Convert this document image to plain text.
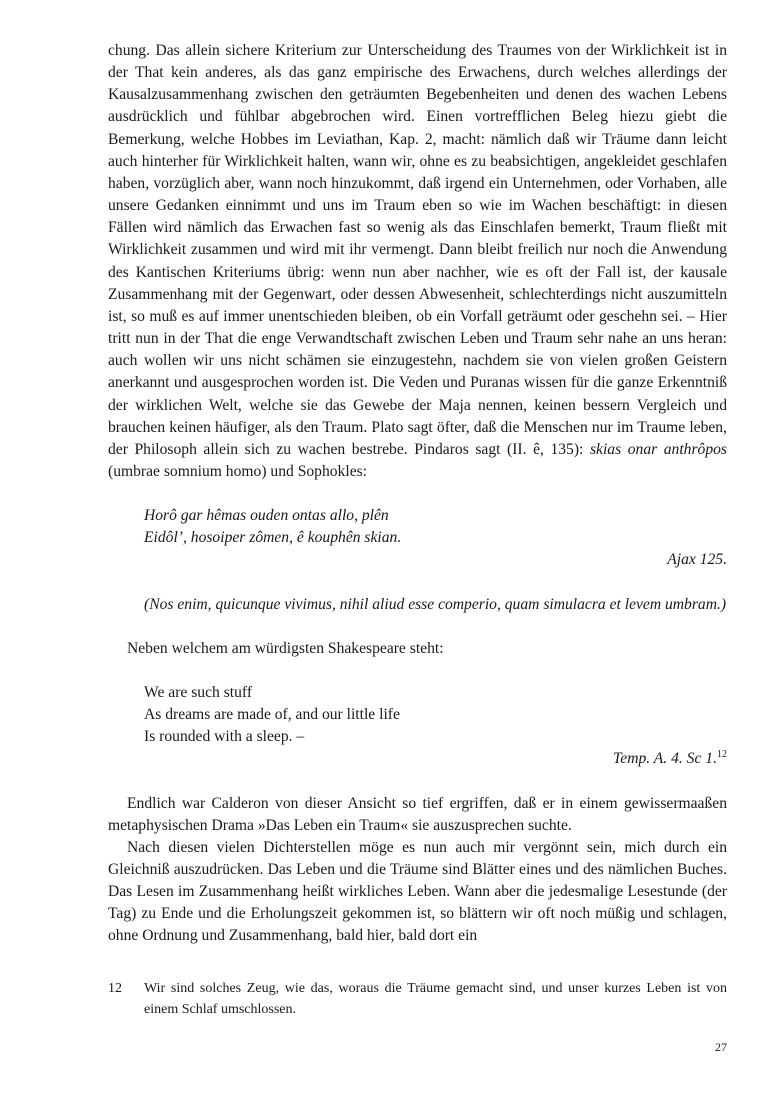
chung. Das allein sichere Kriterium zur Unterscheidung des Traumes von der Wirklichkeit ist in der That kein anderes, als das ganz empirische des Erwachens, durch welches allerdings der Kausalzusammenhang zwischen den geträumten Begebenheiten und denen des wachen Lebens ausdrücklich und fühlbar abgebrochen wird. Einen vortrefflichen Beleg hiezu giebt die Bemerkung, welche Hobbes im Leviathan, Kap. 2, macht: nämlich daß wir Träume dann leicht auch hinterher für Wirklichkeit halten, wann wir, ohne es zu beabsichtigen, angekleidet geschlafen haben, vorzüglich aber, wann noch hinzukommt, daß irgend ein Unternehmen, oder Vorhaben, alle unsere Gedanken einnimmt und uns im Traum eben so wie im Wachen beschäftigt: in diesen Fällen wird nämlich das Erwachen fast so wenig als das Einschlafen bemerkt, Traum fließt mit Wirklichkeit zusammen und wird mit ihr vermengt. Dann bleibt freilich nur noch die Anwendung des Kantischen Kriteriums übrig: wenn nun aber nachher, wie es oft der Fall ist, der kausale Zusammenhang mit der Gegenwart, oder dessen Abwesenheit, schlechterdings nicht auszumitteln ist, so muß es auf immer unentschieden bleiben, ob ein Vorfall geträumt oder geschehn sei. – Hier tritt nun in der That die enge Verwandtschaft zwischen Leben und Traum sehr nahe an uns heran: auch wollen wir uns nicht schämen sie einzugestehn, nachdem sie von vielen großen Geistern anerkannt und ausgesprochen worden ist. Die Veden und Puranas wissen für die ganze Erkenntniß der wirklichen Welt, welche sie das Gewebe der Maja nennen, keinen bessern Vergleich und brauchen keinen häufiger, als den Traum. Plato sagt öfter, daß die Menschen nur im Traume leben, der Philosoph allein sich zu wachen bestrebe. Pindaros sagt (II. ê, 135): skias onar anthrôpos (umbrae somnium homo) und Sophokles:

Horô gar hêmas ouden ontas allo, plên
Eidôl’, hosoiper zômen, ê kouphên skian.
Ajax 125.

(Nos enim, quicunque vivimus, nihil aliud esse comperio, quam simulacra et levem umbram.)

Neben welchem am würdigsten Shakespeare steht:

We are such stuff
As dreams are made of, and our little life
Is rounded with a sleep. –
Temp. A. 4. Sc 1.12

Endlich war Calderon von dieser Ansicht so tief ergriffen, daß er in einem gewissermaaßen metaphysischen Drama »Das Leben ein Traum« sie auszusprechen suchte.

Nach diesen vielen Dichterstellen möge es nun auch mir vergönnt sein, mich durch ein Gleichniß auszudrücken. Das Leben und die Träume sind Blätter eines und des nämlichen Buches. Das Lesen im Zusammenhang heißt wirkliches Leben. Wann aber die jedesmalige Lesestunde (der Tag) zu Ende und die Erholungszeit gekommen ist, so blättern wir oft noch müßig und schlagen, ohne Ordnung und Zusammenhang, bald hier, bald dort ein

12	Wir sind solches Zeug, wie das, woraus die Träume gemacht sind, und unser kurzes Leben ist von einem Schlaf umschlossen.
27
